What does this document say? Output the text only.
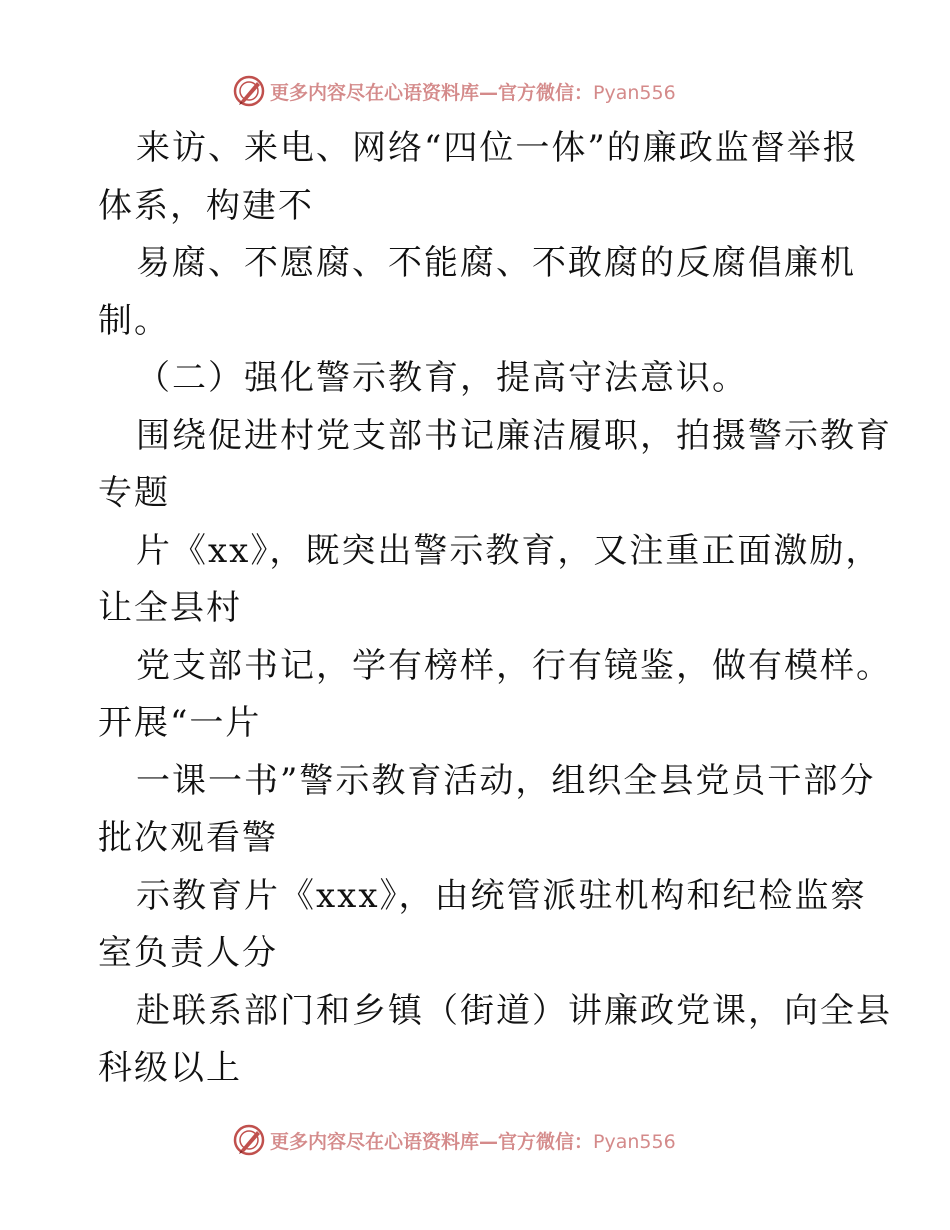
更多内容尽在心语资料库—官方微信：Pyan556
来访、来电、网络“四位一体”的廉政监督举报
体系，构建不
易腐、不愿腐、不能腐、不敢腐的反腐倡廉机
制。
（二）强化警示教育，提高守法意识。
围绕促进村党支部书记廉洁履职，拍摄警示教育
专题
片《xx》，既突出警示教育，又注重正面激励，
让全县村
党支部书记，学有榜样，行有镜鉴，做有模样。
开展“一片
一课一书”警示教育活动，组织全县党员干部分
批次观看警
示教育片《xxx》，由统管派驻机构和纪检监察
室负责人分
赴联系部门和乡镇（街道）讲廉政党课，向全县
科级以上
更多内容尽在心语资料库—官方微信：Pyan556
